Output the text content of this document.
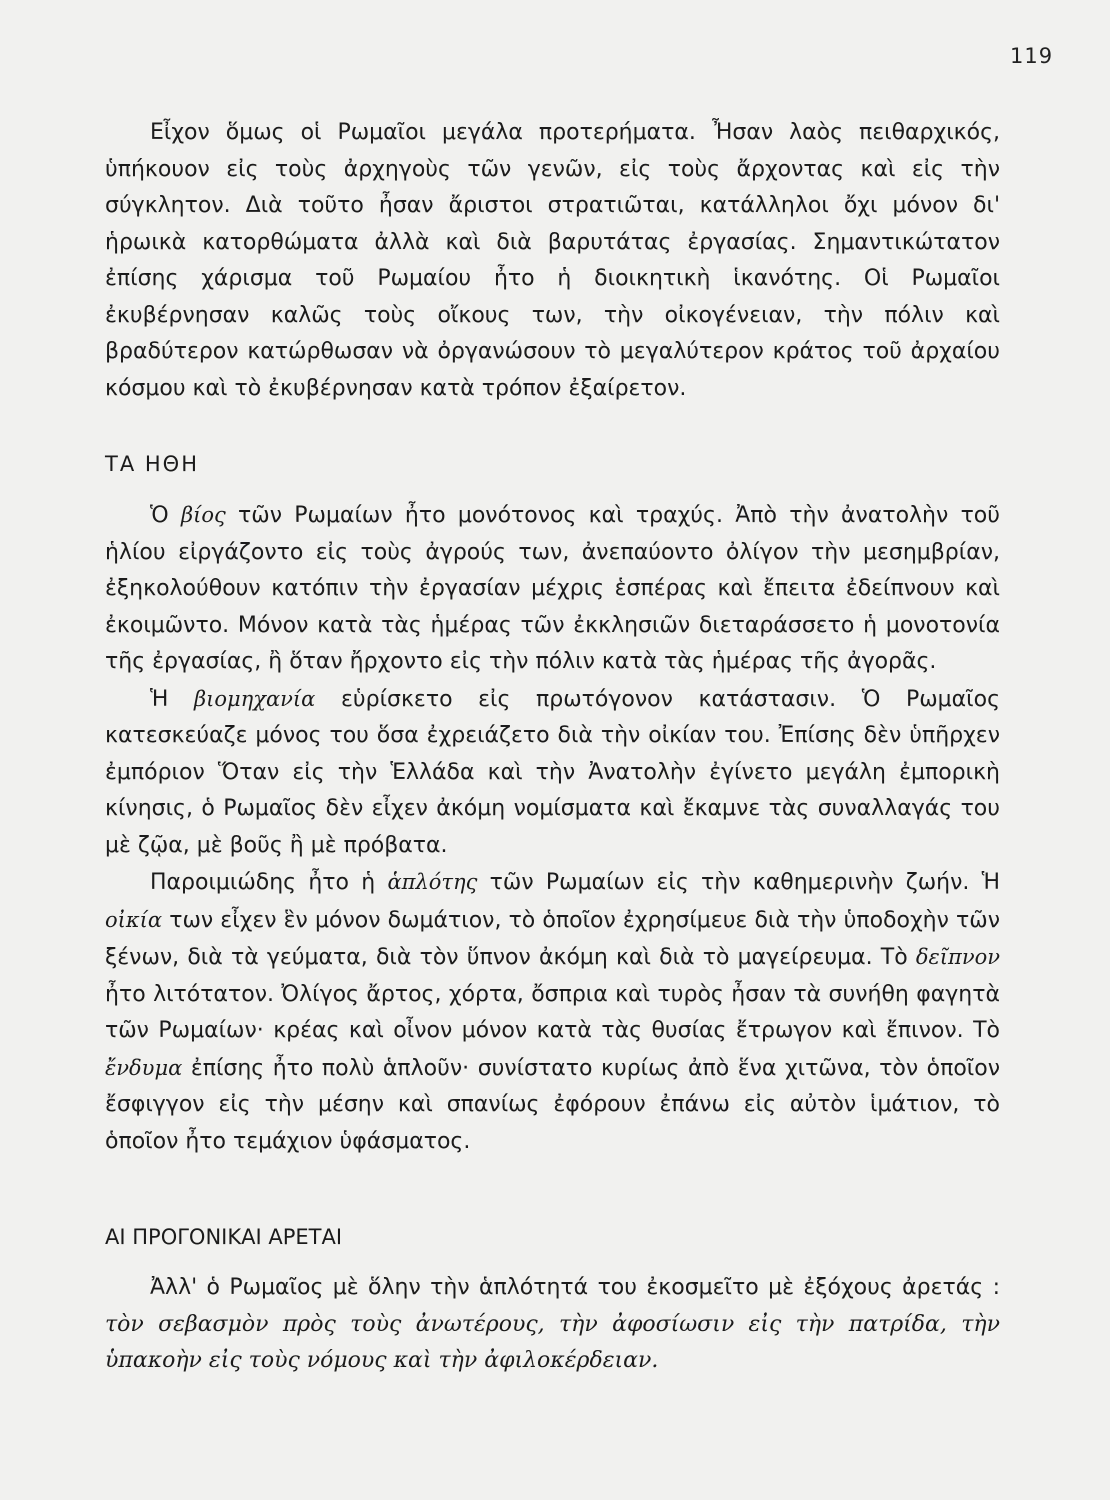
119

Εἶχον ὅμως οἱ Ρωμαῖοι μεγάλα προτερήματα. Ἦσαν λαὸς πειθαρχικός, ὑπήκουον εἰς τοὺς ἀρχηγοὺς τῶν γενῶν, εἰς τοὺς ἄρχοντας καὶ εἰς τὴν σύγκλητον. Διὰ τοῦτο ἦσαν ἄριστοι στρατιῶται, κατάλληλοι ὄχι μόνον δι' ἡρωικὰ κατορθώματα ἀλλὰ καὶ διὰ βαρυτάτας ἐργασίας. Σημαντικώτατον ἐπίσης χάρισμα τοῦ Ρωμαίου ἦτο ἡ διοικητικὴ ἱκανότης. Οἱ Ρωμαῖοι ἐκυβέρνησαν καλῶς τοὺς οἴκους των, τὴν οἰκογένειαν, τὴν πόλιν καὶ βραδύτερον κατώρθωσαν νὰ ὀργανώσουν τὸ μεγαλύτερον κράτος τοῦ ἀρχαίου κόσμου καὶ τὸ ἐκυβέρνησαν κατὰ τρόπον ἐξαίρετον.

ΤΑ ΗΘΗ

Ὁ βίος τῶν Ρωμαίων ἦτο μονότονος καὶ τραχύς. Ἀπὸ τὴν ἀνατολὴν τοῦ ἡλίου εἰργάζοντο εἰς τοὺς ἀγρούς των, ἀνεπαύοντο ὀλίγον τὴν μεσημβρίαν, ἐξηκολούθουν κατόπιν τὴν ἐργασίαν μέχρις ἑσπέρας καὶ ἔπειτα ἐδείπνουν καὶ ἐκοιμῶντο. Μόνον κατὰ τὰς ἡμέρας τῶν ἐκκλησιῶν διεταράσσετο ἡ μονοτονία τῆς ἐργασίας, ἢ ὅταν ἤρχοντο εἰς τὴν πόλιν κατὰ τὰς ἡμέρας τῆς ἀγορᾶς.

Ἡ βιομηχανία εὑρίσκετο εἰς πρωτόγονον κατάστασιν. Ὁ Ρωμαῖος κατεσκεύαζε μόνος του ὅσα ἐχρειάζετο διὰ τὴν οἰκίαν του. Ἐπίσης δὲν ὑπῆρχεν ἐμπόριον Ὅταν εἰς τὴν Ἑλλάδα καὶ τὴν Ἀνατολὴν ἐγίνετο μεγάλη ἐμπορικὴ κίνησις, ὁ Ρωμαῖος δὲν εἶχεν ἀκόμη νομίσματα καὶ ἔκαμνε τὰς συναλλαγάς του μὲ ζῷα, μὲ βοῦς ἢ μὲ πρόβατα.

Παροιμιώδης ἦτο ἡ ἁπλότης τῶν Ρωμαίων εἰς τὴν καθημερινὴν ζωήν. Ἡ οἰκία των εἶχεν ἓν μόνον δωμάτιον, τὸ ὁποῖον ἐχρησίμευε διὰ τὴν ὑποδοχὴν τῶν ξένων, διὰ τὰ γεύματα, διὰ τὸν ὕπνον ἀκόμη καὶ διὰ τὸ μαγείρευμα. Τὸ δεῖπνον ἦτο λιτότατον. Ὀλίγος ἄρτος, χόρτα, ὄσπρια καὶ τυρὸς ἦσαν τὰ συνήθη φαγητὰ τῶν Ρωμαίων· κρέας καὶ οἶνον μόνον κατὰ τὰς θυσίας ἔτρωγον καὶ ἔπινον. Τὸ ἔνδυμα ἐπίσης ἦτο πολὺ ἁπλοῦν· συνίστατο κυρίως ἀπὸ ἕνα χιτῶνα, τὸν ὁποῖον ἔσφιγγον εἰς τὴν μέσην καὶ σπανίως ἐφόρουν ἐπάνω εἰς αὐτὸν ἱμάτιον, τὸ ὁποῖον ἦτο τεμάχιον ὑφάσματος.

ΑΙ ΠΡΟΓΟΝΙΚΑΙ ΑΡΕΤΑΙ

Ἀλλ' ὁ Ρωμαῖος μὲ ὅλην τὴν ἁπλότητά του ἐκοσμεῖτο μὲ ἐξόχους ἀρετάς : τὸν σεβασμὸν πρὸς τοὺς ἀνωτέρους, τὴν ἀφοσίωσιν εἰς τὴν πατρίδα, τὴν ὑπακοὴν εἰς τοὺς νόμους καὶ τὴν ἀφιλοκέρδειαν.
